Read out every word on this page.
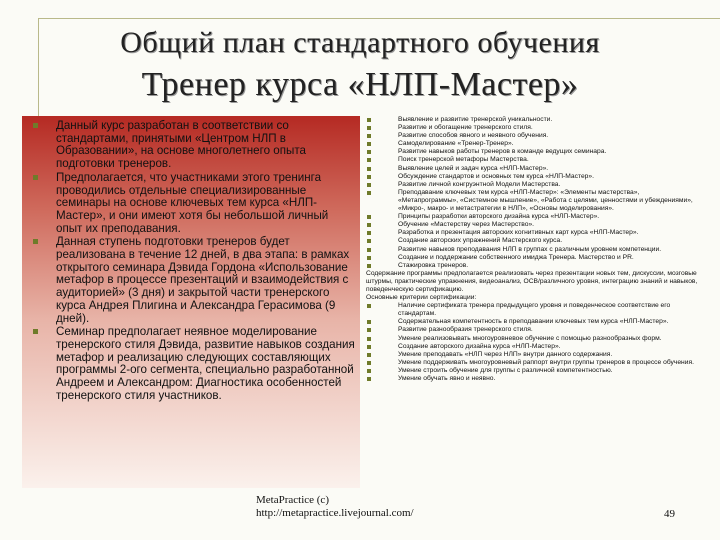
Общий план стандартного обучения
Тренер курса «НЛП-Мастер»
Данный курс разработан в соответствии со стандартами, принятыми «Центром НЛП в Образовании», на основе многолетнего опыта подготовки тренеров.
Предполагается, что участниками этого тренинга проводились отдельные специализированные семинары на основе ключевых тем курса «НЛП-Мастер», и они имеют хотя бы небольшой личный опыт их преподавания.
Данная ступень подготовки тренеров будет реализована в течение 12 дней, в два этапа: в рамках открытого семинара Дэвида Гордона «Использование метафор в процессе презентаций и взаимодействия с аудиторией» (3 дня) и закрытой части тренерского курса Андрея Плигина и Александра Герасимова (9 дней).
Семинар предполагает неявное моделирование тренерского стиля Дэвида, развитие навыков создания метафор и реализацию следующих составляющих программы 2-ого сегмента, специально разработанной Андреем и Александром: Диагностика особенностей тренерского стиля участников.
Выявление и развитие тренерской уникальности.
Развитие и обогащение тренерского стиля.
Развитие способов явного и неявного обучения.
Самоделирование «Тренер-Тренер».
Развитие навыков работы тренеров в команде ведущих семинара.
Поиск тренерской метафоры Мастерства.
Выявление целей и задач курса «НЛП-Мастер».
Обсуждение стандартов и основных тем курса «НЛП-Мастер».
Развитие личной конгруэнтной Модели Мастерства.
Преподавание ключевых тем курса «НЛП-Мастер»: «Элементы мастерства», «Метапрограммы», «Системное мышление», «Работа с целями, ценностями и убеждениями», «Микро-, макро- и метастратегии в НЛП», «Основы моделирования».
Принципы разработки авторского дизайна курса «НЛП-Мастер».
Обучение «Мастерству через Мастерство».
Разработка и презентация авторских когнитивных карт курса «НЛП-Мастер».
Создание авторских упражнений Мастерского курса.
Развитие навыков преподавания НЛП в группах с различным уровнем компетенции.
Создание и поддержание собственного имиджа Тренера. Мастерство и PR.
Стажировка тренеров.
Содержание программы предполагается реализовать через презентации новых тем, дискуссии, мозговые штурмы, практические упражнения, видеоанализ, ОСВ/различного уровня, интеграцию знаний и навыков, поведенческую сертификацию.
Основные критерии сертификации:
Наличие сертификата тренера предыдущего уровня и поведенческое соответствие его стандартам.
Содержательная компетентность в преподавании ключевых тем курса «НЛП-Мастер».
Развитие разнообразия тренерского стиля.
Умение реализовывать многоуровневое обучение с помощью разнообразных форм.
Создание авторского дизайна курса «НЛП-Мастер».
Умение преподавать «НЛП через НЛП» внутри данного содержания.
Умение поддерживать многоуровневый раппорт внутри группы тренеров в процессе обучения.
Умение строить обучение для группы с различной компетентностью.
Умение обучать явно и неявно.
MetaPractice (c)
http://metapractice.livejournal.com/	49
